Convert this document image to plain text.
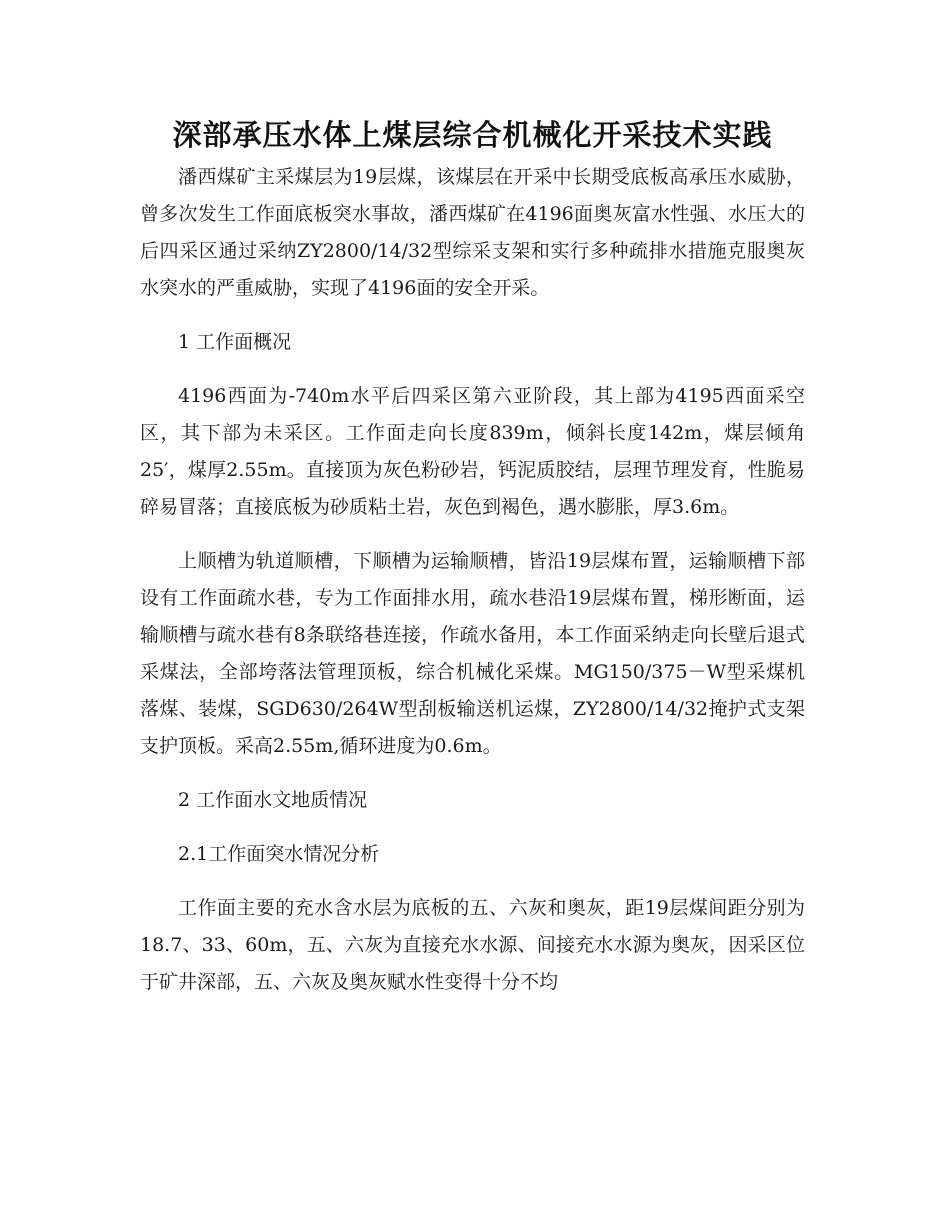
深部承压水体上煤层综合机械化开采技术实践

潘西煤矿主采煤层为19层煤，该煤层在开采中长期受底板高承压水威胁，曾多次发生工作面底板突水事故，潘西煤矿在4196面奥灰富水性强、水压大的后四采区通过采纳ZY2800/14/32型综采支架和实行多种疏排水措施克服奥灰水突水的严重威胁，实现了4196面的安全开采。

1 工作面概况

4196西面为-740m水平后四采区第六亚阶段，其上部为4195西面采空区，其下部为未采区。工作面走向长度839m，倾斜长度142m，煤层倾角25′，煤厚2.55m。直接顶为灰色粉砂岩，钙泥质胶结，层理节理发育，性脆易碎易冒落；直接底板为砂质粘土岩，灰色到褐色，遇水膨胀，厚3.6m。

上顺槽为轨道顺槽，下顺槽为运输顺槽，皆沿19层煤布置，运输顺槽下部设有工作面疏水巷，专为工作面排水用，疏水巷沿19层煤布置，梯形断面，运输顺槽与疏水巷有8条联络巷连接，作疏水备用，本工作面采纳走向长壁后退式采煤法，全部垮落法管理顶板，综合机械化采煤。MG150/375－W型采煤机落煤、装煤，SGD630/264W型刮板输送机运煤，ZY2800/14/32掩护式支架支护顶板。采高2.55m,循环进度为0.6m。

2 工作面水文地质情况

2.1工作面突水情况分析

工作面主要的充水含水层为底板的五、六灰和奥灰，距19层煤间距分别为18.7、33、60m，五、六灰为直接充水水源、间接充水水源为奥灰，因采区位于矿井深部，五、六灰及奥灰赋水性变得十分不均
